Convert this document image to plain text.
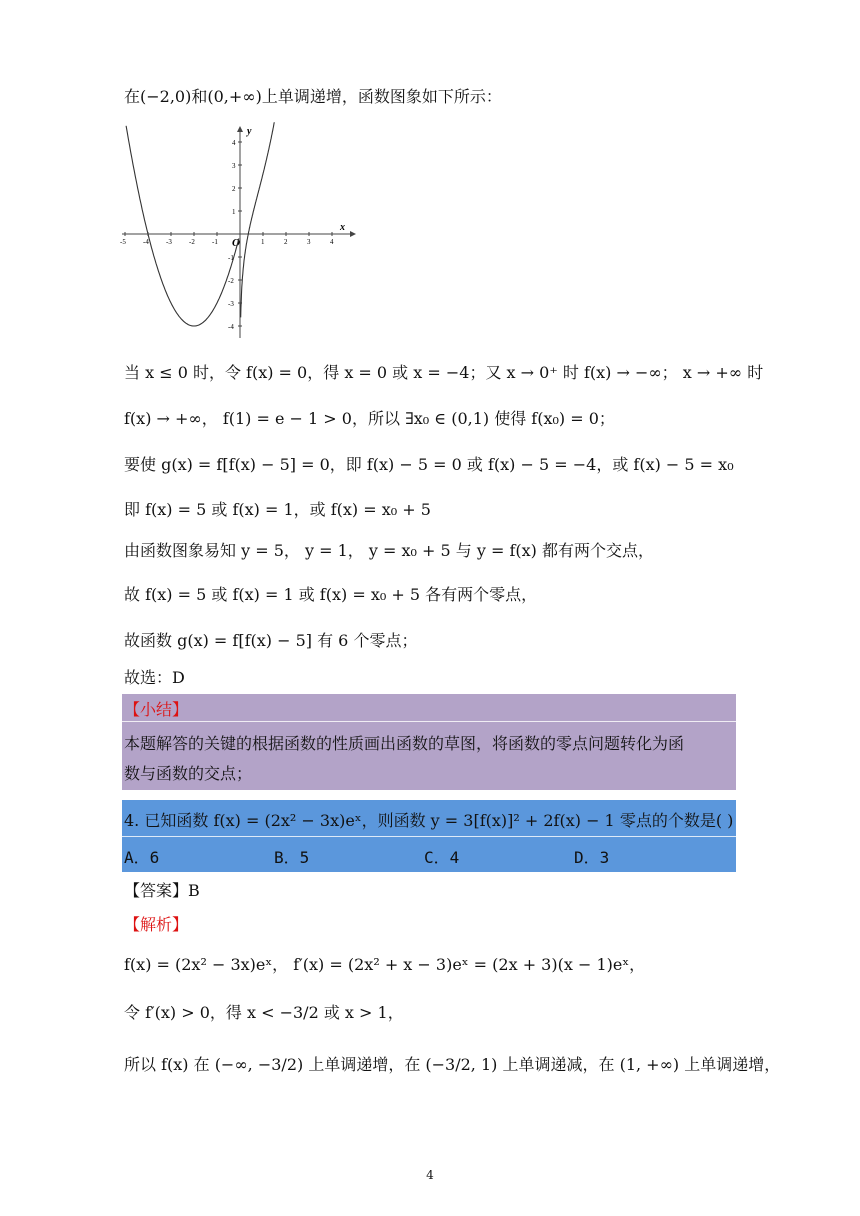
在(−2,0)和(0,+∞)上单调递增，函数图象如下所示：
x
y
O
-5 -4 -3 -2 -1	1	2	3	4
4
3
2
1
-1
-2
-3
-4
当 x ≤ 0 时，令 f(x) = 0，得 x = 0 或 x = −4；又 x → 0⁺ 时 f(x) → −∞； x → +∞ 时
f(x) → +∞， f(1) = e − 1 > 0，所以 ∃x₀ ∈ (0,1) 使得 f(x₀) = 0；
要使 g(x) = f[f(x) − 5] = 0，即 f(x) − 5 = 0 或 f(x) − 5 = −4，或 f(x) − 5 = x₀
即 f(x) = 5 或 f(x) = 1，或 f(x) = x₀ + 5
由函数图象易知 y = 5， y = 1， y = x₀ + 5 与 y = f(x) 都有两个交点，
故 f(x) = 5 或 f(x) = 1 或 f(x) = x₀ + 5 各有两个零点，
故函数 g(x) = f[f(x) − 5] 有 6 个零点；
故选：D
【小结】
本题解答的关键的根据函数的性质画出函数的草图，将函数的零点问题转化为函
数与函数的交点；
4. 已知函数 f(x) = (2x² − 3x)eˣ，则函数 y = 3[f(x)]² + 2f(x) − 1 零点的个数是( )
A．6	B．5	C．4	D．3
【答案】B
【解析】
f(x) = (2x² − 3x)eˣ， f′(x) = (2x² + x − 3)eˣ = (2x + 3)(x − 1)eˣ，
令 f′(x) > 0，得 x < −3/2 或 x > 1，
所以 f(x) 在 (−∞, −3/2) 上单调递增，在 (−3/2, 1) 上单调递减，在 (1, +∞) 上单调递增，
4
